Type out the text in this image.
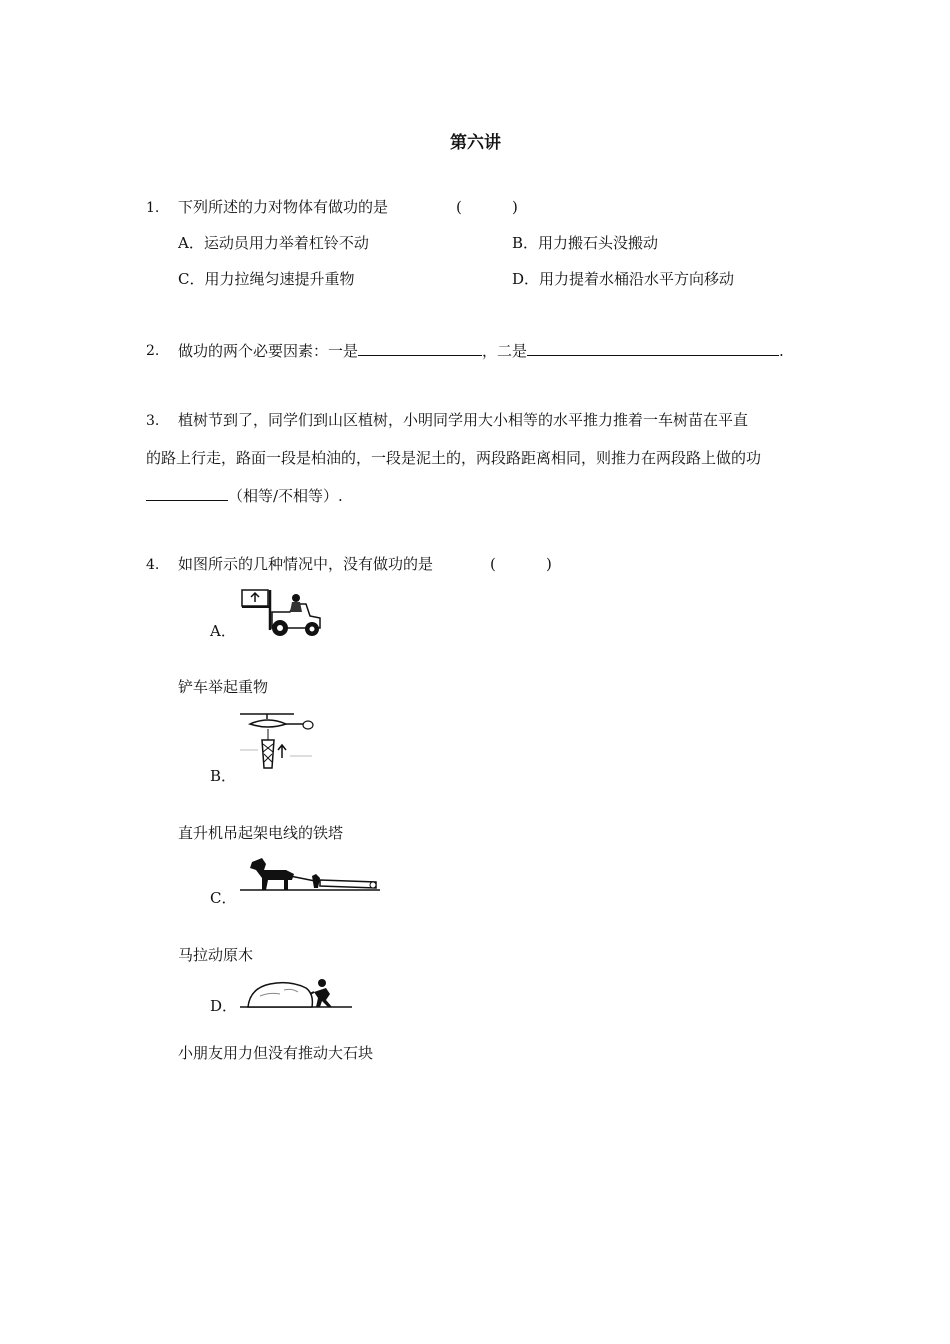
第六讲
1. 下列所述的力对物体有做功的是	(	)
A．运动员用力举着杠铃不动	B．用力搬石头没搬动
C．用力拉绳匀速提升重物	D．用力提着水桶沿水平方向移动
2. 做功的两个必要因素：一是	，二是	.
3. 植树节到了，同学们到山区植树，小明同学用大小相等的水平推力推着一车树苗在平直
的路上行走，路面一段是柏油的，一段是泥土的，两段路距离相同，则推力在两段路上做的功
（相等/不相等）.
4. 如图所示的几种情况中，没有做功的是	(	)
A．
铲车举起重物
B．
直升机吊起架电线的铁塔
C．
马拉动原木
D．
小朋友用力但没有推动大石块
